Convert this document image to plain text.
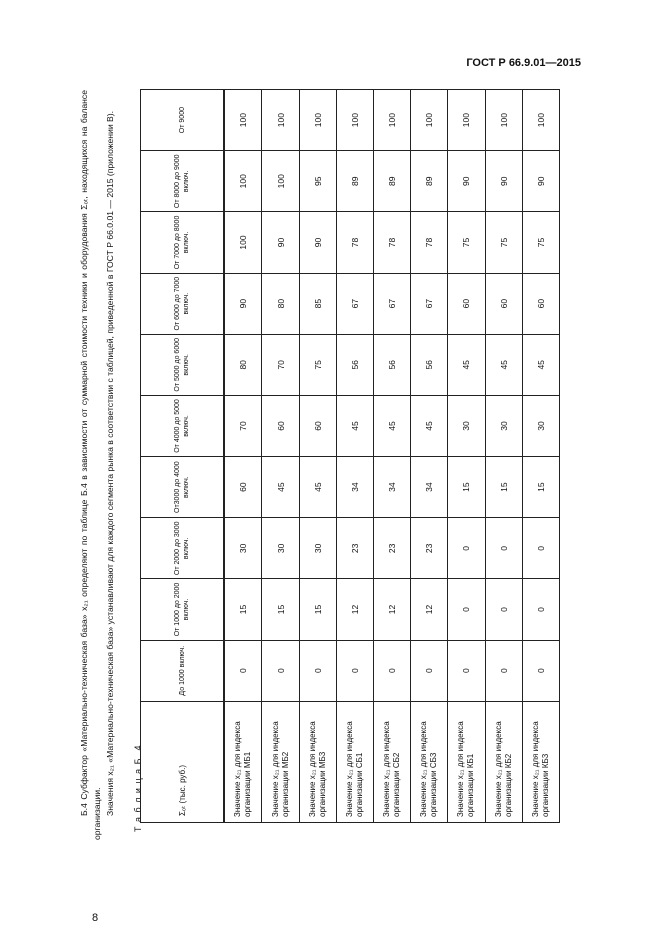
ГОСТ Р 66.9.01—2015

Б.4 Субфактор «Материально-техническая база» x₂₁ определяют по таблице Б.4 в зависимости от суммарной стоимости техники и оборудования Σₒₜ, находящихся на балансе организации. Значения x₂₁ «Материально-техническая база» устанавливают для каждого сегмента рынка в соответствии с таблицей, приведенной в ГОСТ Р 66.0.01 — 2015 (приложении В). Т а б л и ц а Б. 4	Σₒₜ (тыс. руб.)	До 1000 включ.	От 1000 до 2000 включ.	От 2000 до 3000 включ.	От3000 до 4000 включ.	От 4000 до 5000 включ.	От 5000 до 6000 включ.	От 6000 до 7000 включ.	От 7000 до 8000 включ.	От 8000 до 9000 включ.	От 9000
Значение x₂₁ для индекса организации МБ1	0	15	30	60	70	80	90	100	100	100
Значение x₂₁ для индекса организации МБ2	0	15	30	45	60	70	80	90	100	100
Значение x₂₁ для индекса организации МБ3	0	15	30	45	60	75	85	90	95	100
Значение x₂₁ для индекса организации СБ1	0	12	23	34	45	56	67	78	89	100
Значение x₂₁ для индекса организации СБ2	0	12	23	34	45	56	67	78	89	100
Значение x₂₁ для индекса организации СБ3	0	12	23	34	45	56	67	78	89	100
Значение x₂₁ для индекса организации КБ1	0	0	0	15	30	45	60	75	90	100
Значение x₂₁ для индекса организации КБ2	0	0	0	15	30	45	60	75	90	100
Значение x₂₁ для индекса организации КБ3	0	0	0	15	30	45	60	75	90	100
8
